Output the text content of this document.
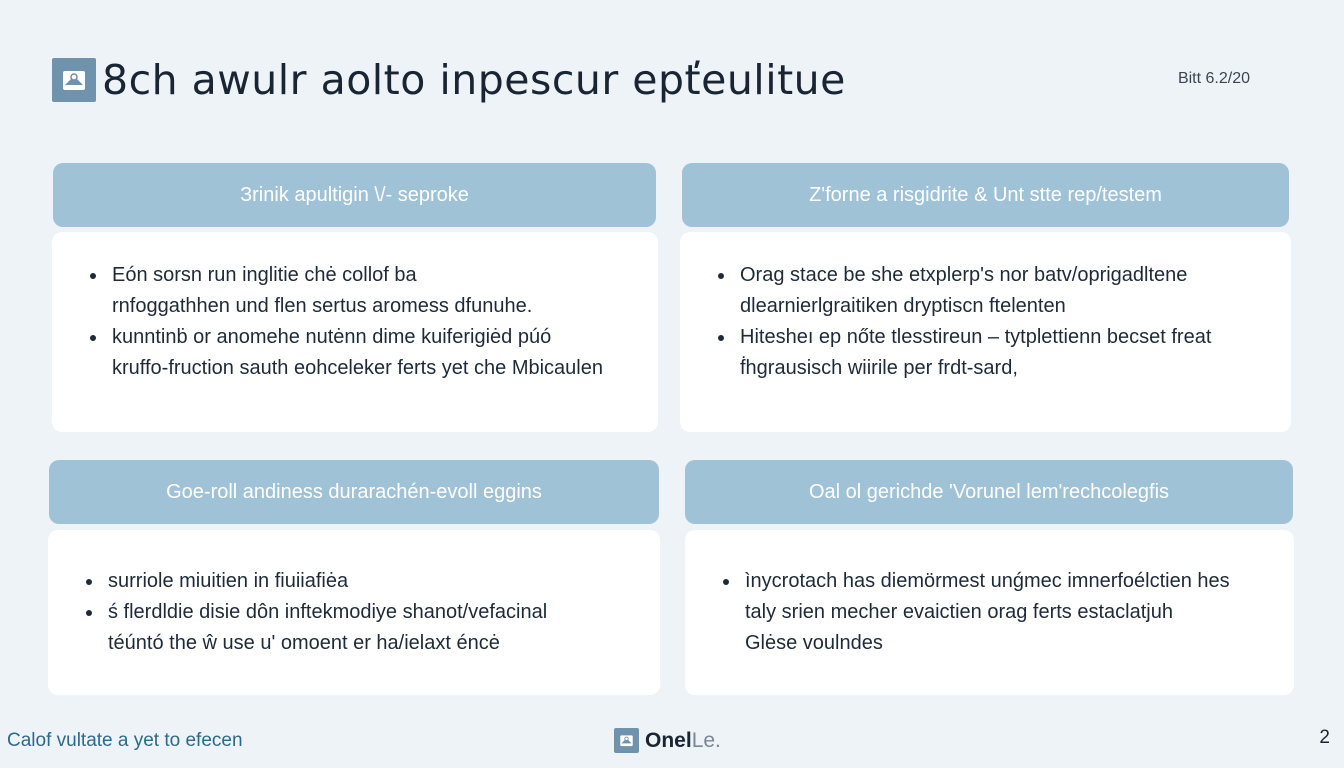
8ch awulr aolto inpescur epťeulitue	Bitt 6.2/20
Зrinik apultigin \/- seproke
Eón sorsn run inglitie chė collof ba
rnfoggathhen und flen sertus aromess dfunuhe.
kunntinḃ or anomehe nutėnn dime kuiferigiėd púó
kruffo-fruction sauth eohceleker ferts yet che Mbicaulen
Z'forne a risgidrite & Unt stte rep/testem
Orag stace be she etxplerp's nor batv/oprigadltene
dlearnierlgraitiken dryptiscn ftelenten
Hitesheı ep nőte tlesstireun – tytplettienn becset freat
ḟhgrausisch wiirile per frdt-sard,
Goe-roll andiness durarachén-evoll eggins
surriole miuitien in fiuiiafiėa
ś flerdldie disie dôn inftekmodiye shanot/vefacinal
téúntó the ŵ use u' omoent er ha/ielaxt éncė
Oal ol gerichde 'Vorunel lem'rechcolegfis
ìnycrotach has diemörmest unǵmec imnerfoélctien hes
taly srien mecher evaictien orag ferts estaclatjuh
Glėse voulndes
Calof vultate a yet to efecen	Onel Le.	2
